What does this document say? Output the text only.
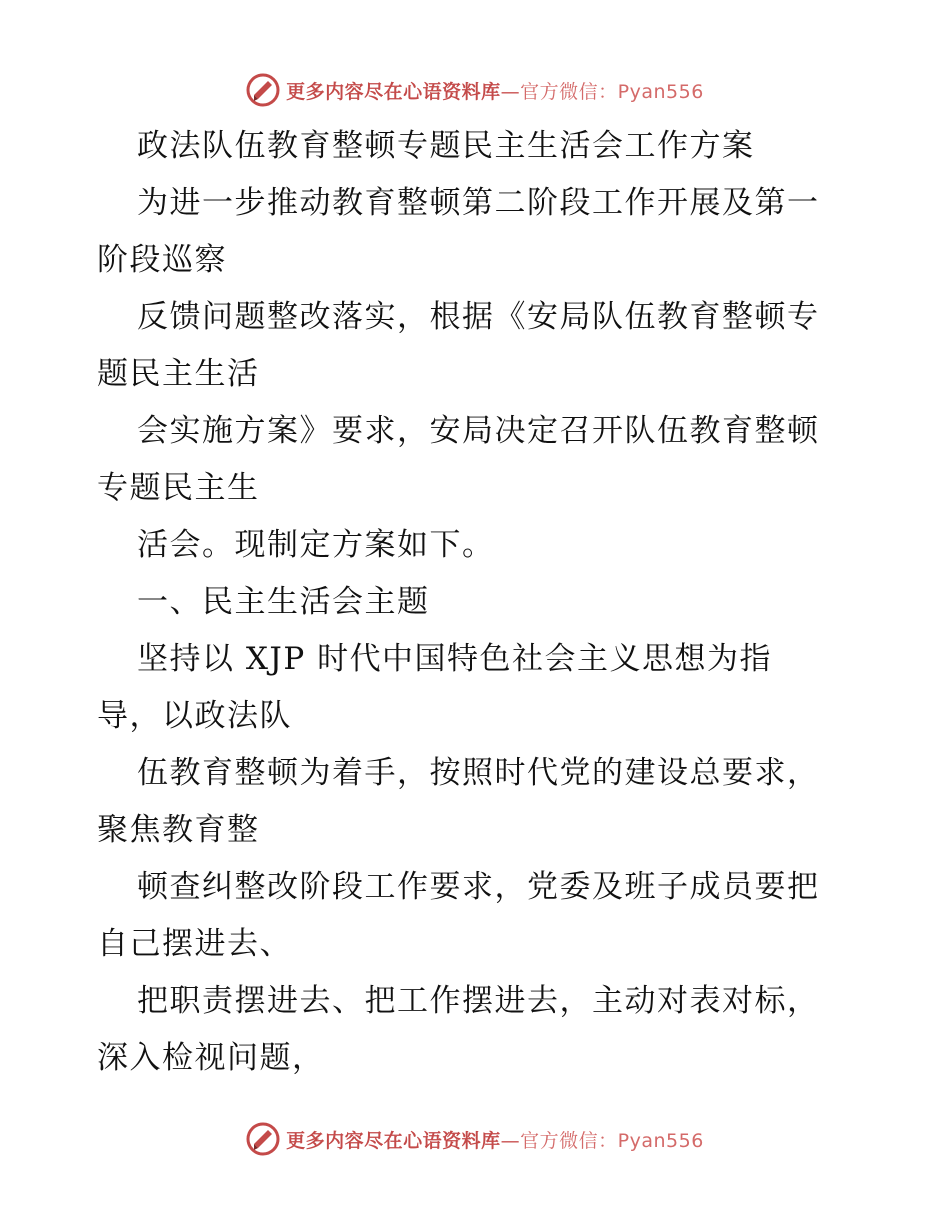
更多内容尽在心语资料库—官方微信：Pyan556
政法队伍教育整顿专题民主生活会工作方案
为进一步推动教育整顿第二阶段工作开展及第一
阶段巡察
反馈问题整改落实，根据《安局队伍教育整顿专
题民主生活
会实施方案》要求，安局决定召开队伍教育整顿
专题民主生
活会。现制定方案如下。
一、民主生活会主题
坚持以 XJP 时代中国特色社会主义思想为指
导，以政法队
伍教育整顿为着手，按照时代党的建设总要求，
聚焦教育整
顿查纠整改阶段工作要求，党委及班子成员要把
自己摆进去、
把职责摆进去、把工作摆进去，主动对表对标，
深入检视问题，
更多内容尽在心语资料库—官方微信：Pyan556
